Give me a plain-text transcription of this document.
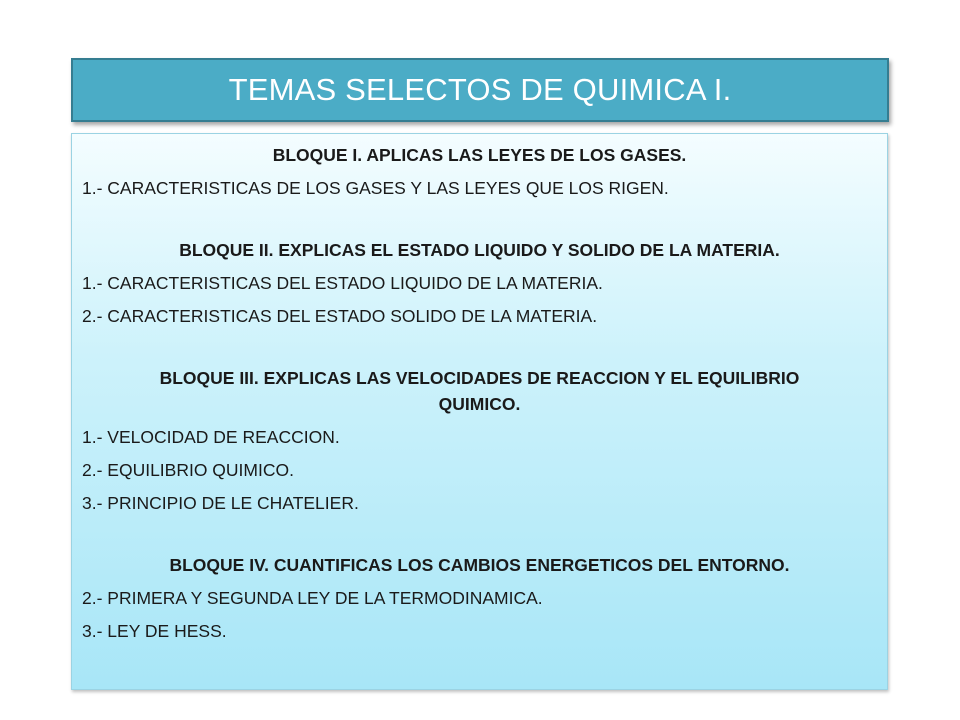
TEMAS SELECTOS DE QUIMICA I.

BLOQUE I. APLICAS LAS LEYES DE LOS GASES.

1.- CARACTERISTICAS DE LOS GASES Y LAS LEYES QUE LOS RIGEN.

BLOQUE II. EXPLICAS EL ESTADO LIQUIDO Y SOLIDO DE LA MATERIA.

1.- CARACTERISTICAS DEL ESTADO LIQUIDO DE LA MATERIA.

2.- CARACTERISTICAS DEL ESTADO SOLIDO DE LA MATERIA.

BLOQUE III. EXPLICAS LAS VELOCIDADES DE REACCION Y EL EQUILIBRIO

QUIMICO.

1.- VELOCIDAD DE REACCION.

2.- EQUILIBRIO QUIMICO.

3.- PRINCIPIO DE LE CHATELIER.

BLOQUE IV. CUANTIFICAS LOS CAMBIOS ENERGETICOS DEL ENTORNO.

2.- PRIMERA Y SEGUNDA LEY DE LA TERMODINAMICA.

3.- LEY DE HESS.
